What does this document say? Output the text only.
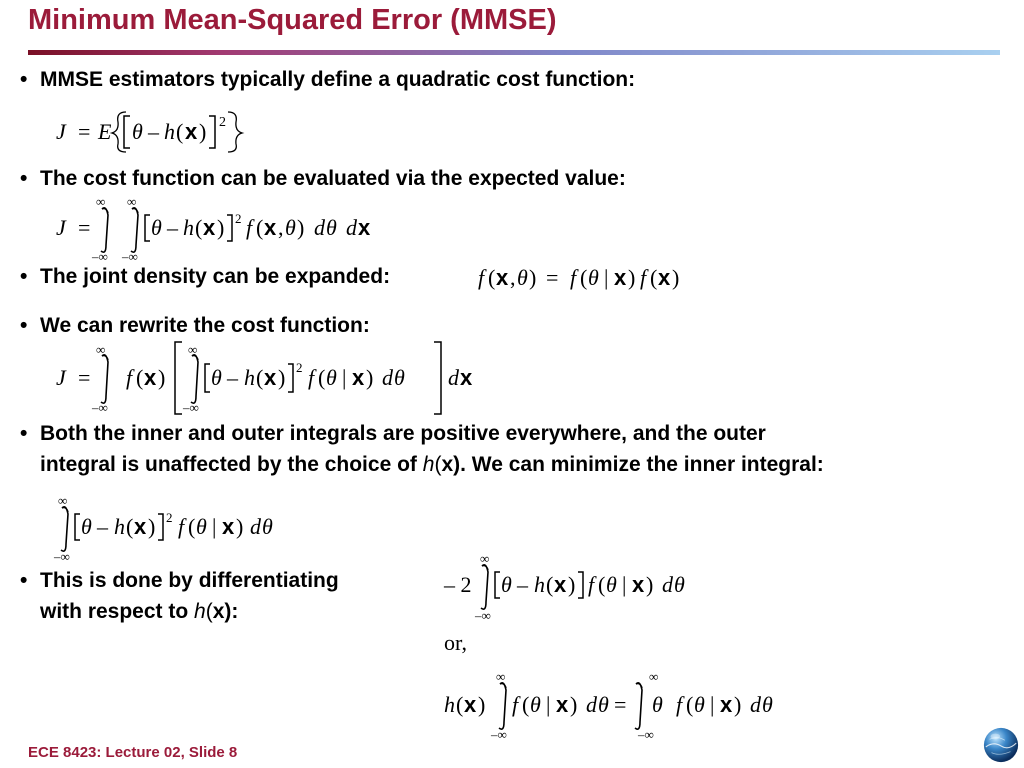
Minimum Mean-Squared Error (MMSE)
• MMSE estimators typically define a quadratic cost function:
J = E θ – h ( x ) 2
• The cost function can be evaluated via the expected value:
J =
∞
–∞
∞
–∞
θ – h ( x ) 2 f ( x , θ ) d θ d x
• The joint density can be expanded:	f ( x , θ ) = f ( θ | x ) f ( x )
• We can rewrite the cost function:
J =
∞
–∞
f ( x )
∞
–∞
θ – h ( x ) 2 f ( θ | x ) d θ d x
• Both the inner and outer integrals are positive everywhere, and the outer
integral is unaffected by the choice of h(x). We can minimize the inner integral:
∞
–∞
θ – h ( x ) 2 f ( θ | x ) d θ
• This is done by differentiating
with respect to h(x):
– 2
∞
–∞
θ – h ( x ) f ( θ | x ) d θ
or,
h ( x )
∞
–∞
f ( θ | x ) d θ =
∞
–∞
θ f ( θ | x ) d θ
ECE 8423: Lecture 02, Slide 8
